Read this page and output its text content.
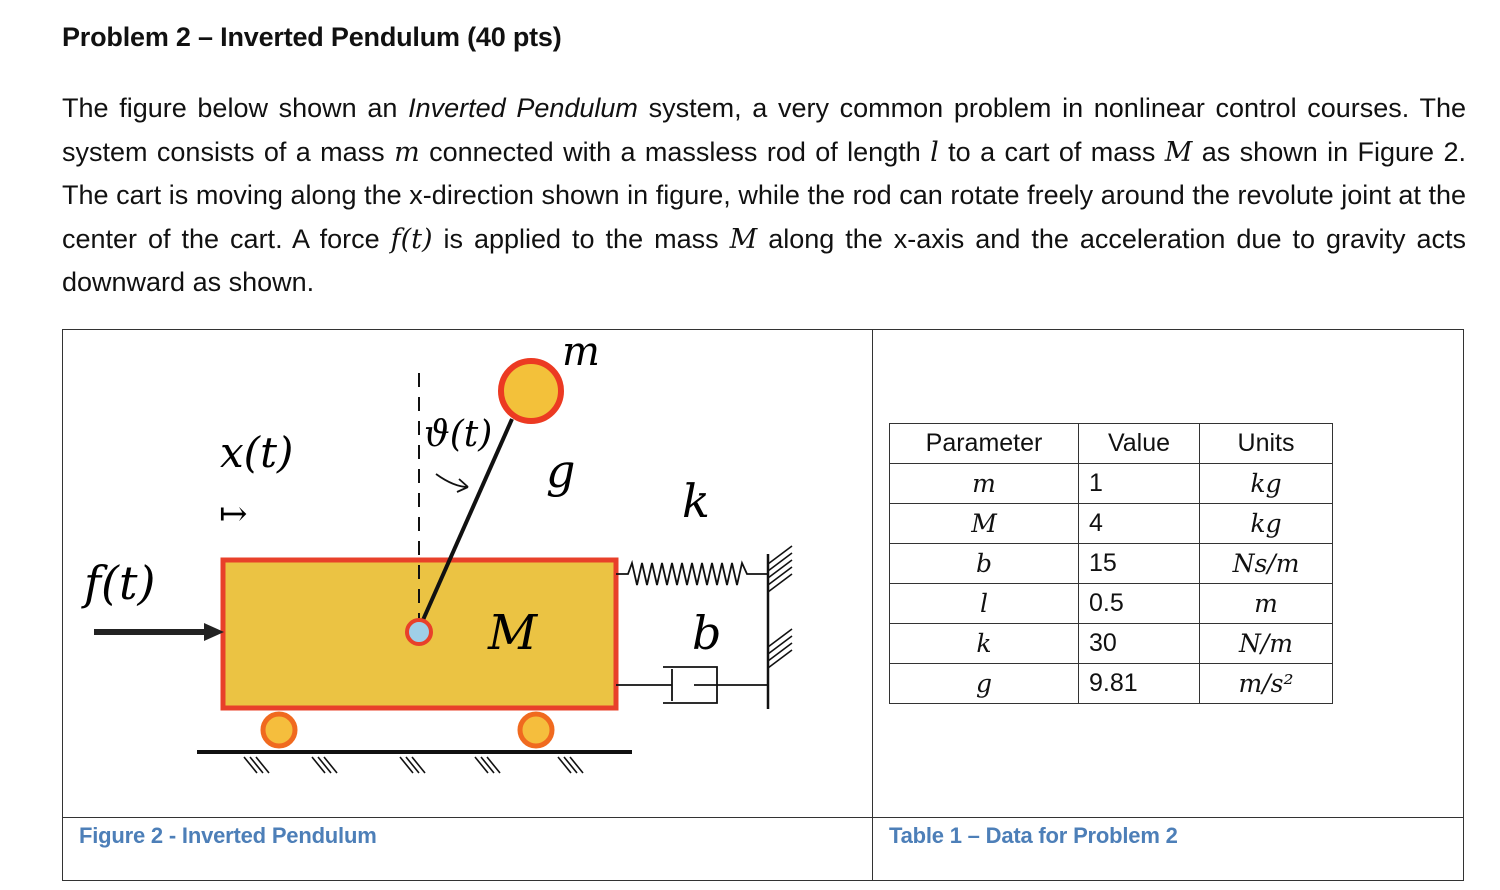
Problem 2 – Inverted Pendulum (40 pts)
The figure below shown an Inverted Pendulum system, a very common problem in nonlinear control courses. The system consists of a mass m connected with a massless rod of length l to a cart of mass M as shown in Figure 2. The cart is moving along the x-direction shown in figure, while the rod can rotate freely around the revolute joint at the center of the cart. A force f(t) is applied to the mass M along the x-axis and the acceleration due to gravity acts downward as shown.
m
ϑ(t)
x(t)
↦
g
k
f(t)
M	b
Parameter	Value	Units
m	1	kg
M	4	kg
b	15	Ns/m
l	0.5	m
k	30	N/m
g	9.81	m/s²
Figure 2 - Inverted Pendulum	Table 1 – Data for Problem 2
